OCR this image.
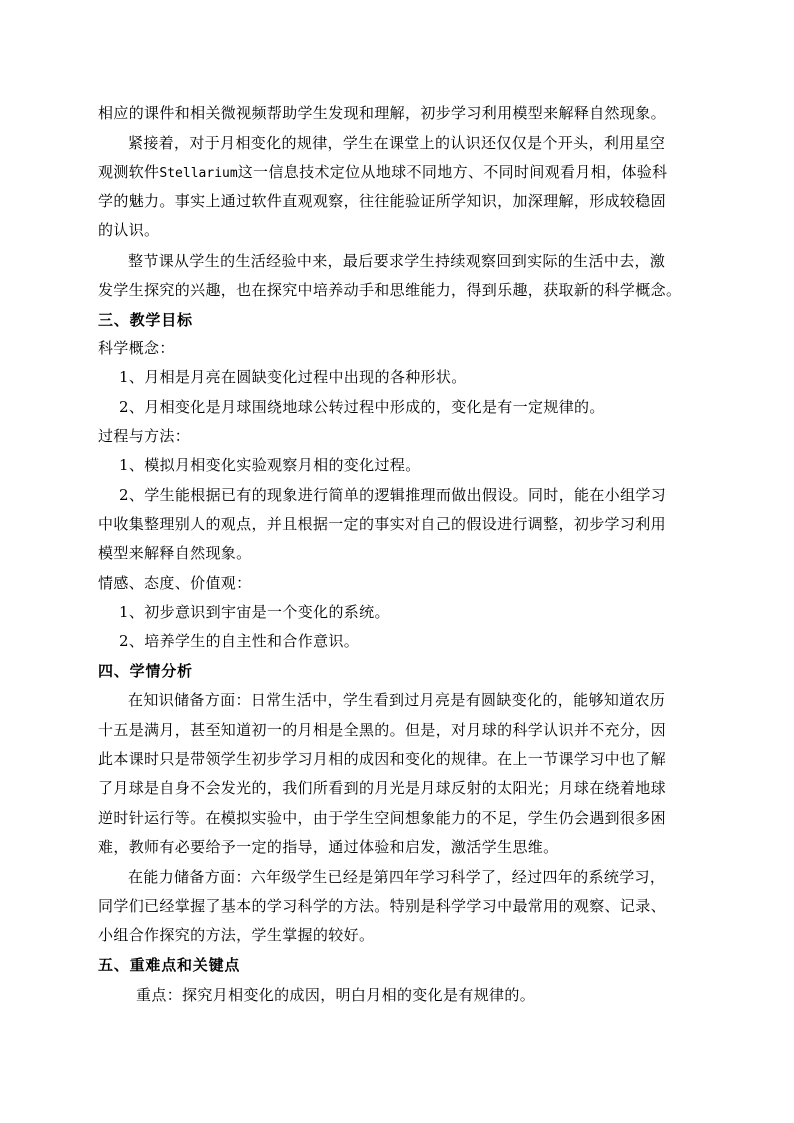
相应的课件和相关微视频帮助学生发现和理解，初步学习利用模型来解释自然现象。
紧接着，对于月相变化的规律，学生在课堂上的认识还仅仅是个开头，利用星空
观测软件Stellarium这一信息技术定位从地球不同地方、不同时间观看月相，体验科
学的魅力。事实上通过软件直观观察，往往能验证所学知识，加深理解，形成较稳固
的认识。
整节课从学生的生活经验中来，最后要求学生持续观察回到实际的生活中去，激
发学生探究的兴趣，也在探究中培养动手和思维能力，得到乐趣，获取新的科学概念。
三、教学目标
科学概念：
1、月相是月亮在圆缺变化过程中出现的各种形状。
2、月相变化是月球围绕地球公转过程中形成的，变化是有一定规律的。
过程与方法：
1、模拟月相变化实验观察月相的变化过程。
2、学生能根据已有的现象进行简单的逻辑推理而做出假设。同时，能在小组学习
中收集整理别人的观点，并且根据一定的事实对自己的假设进行调整，初步学习利用
模型来解释自然现象。
情感、态度、价值观：
1、初步意识到宇宙是一个变化的系统。
2、培养学生的自主性和合作意识。
四、学情分析
在知识储备方面：日常生活中，学生看到过月亮是有圆缺变化的，能够知道农历
十五是满月，甚至知道初一的月相是全黑的。但是，对月球的科学认识并不充分，因
此本课时只是带领学生初步学习月相的成因和变化的规律。在上一节课学习中也了解
了月球是自身不会发光的，我们所看到的月光是月球反射的太阳光；月球在绕着地球
逆时针运行等。在模拟实验中，由于学生空间想象能力的不足，学生仍会遇到很多困
难，教师有必要给予一定的指导，通过体验和启发，激活学生思维。
在能力储备方面：六年级学生已经是第四年学习科学了，经过四年的系统学习，
同学们已经掌握了基本的学习科学的方法。特别是科学学习中最常用的观察、记录、
小组合作探究的方法，学生掌握的较好。
五、重难点和关键点
重点：探究月相变化的成因，明白月相的变化是有规律的。
